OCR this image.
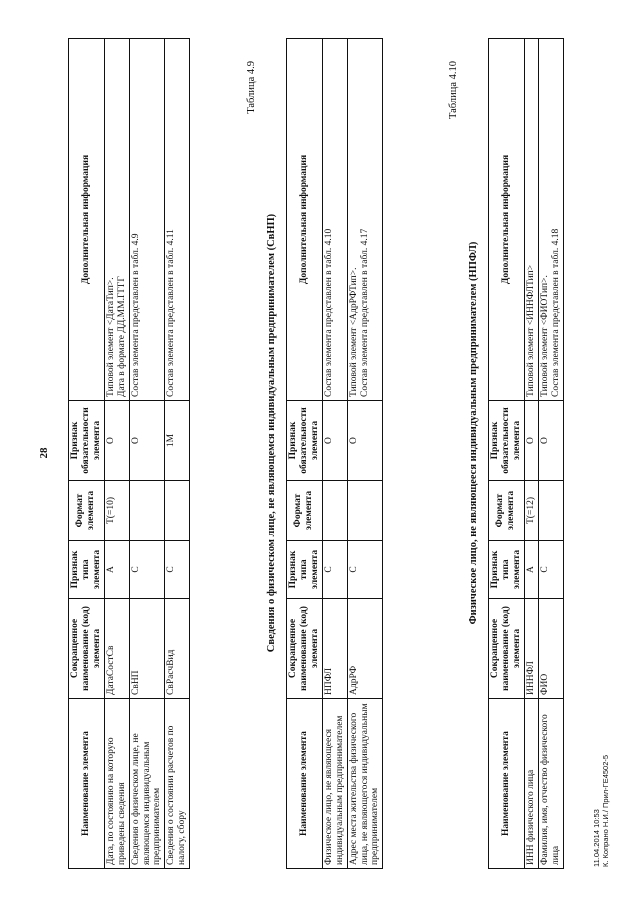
28
Наименование элемента	Сокращенное наименование (код) элемента	Признак типа элемента	Формат элемента	Признак обязательности элемента	Дополнительная информация
Дата, по состоянию на которую приведены сведения	ДатаСостСв	А	Т(=10)	О	Типовой элемент <ДатаТип>. Дата в формате ДД.ММ.ГГГГ

Сведения о физическом лице, не являющемся индивидуальным предпринимателем	СвНП	С		О	Состав элемента представлен в табл. 4.9

Сведения о состоянии расчетов по налогу, сбору	СвРасчВид	С		1М	Состав элемента представлен в табл. 4.11
Таблица 4.9
Сведения о физическом лице, не являющемся индивидуальным предпринимателем (СвНП)
Наименование элемента	Сокращенное наименование (код) элемента	Признак типа элемента	Формат элемента	Признак обязательности элемента	Дополнительная информация
Физическое лицо, не являющееся индивидуальным предпринимателем	НПФЛ	С		О	Состав элемента представлен в табл. 4.10

Адрес места жительства физического лица, не являющегося индивидуальным предпринимателем	АдрРФ	С		О	Типовой элемент <АдрРФТип>. Состав элемента представлен в табл. 4.17
Таблица 4.10
Физическое лицо, не являющееся индивидуальным предпринимателем (НПФЛ)
Наименование элемента	Сокращенное наименование (код) элемента	Признак типа элемента	Формат элемента	Признак обязательности элемента	Дополнительная информация
ИНН физического лица	ИННФЛ	А	Т(=12)	О	Типовой элемент <ИННФЛТип>

Фамилия, имя, отчество физического лица	ФИО	С		О	Типовой элемент <ФИОТип>. Состав элемента представлен в табл. 4.18
11.04.2014 10:53 К. Копрано Н.И./ Прил-ГЕ4502-5
